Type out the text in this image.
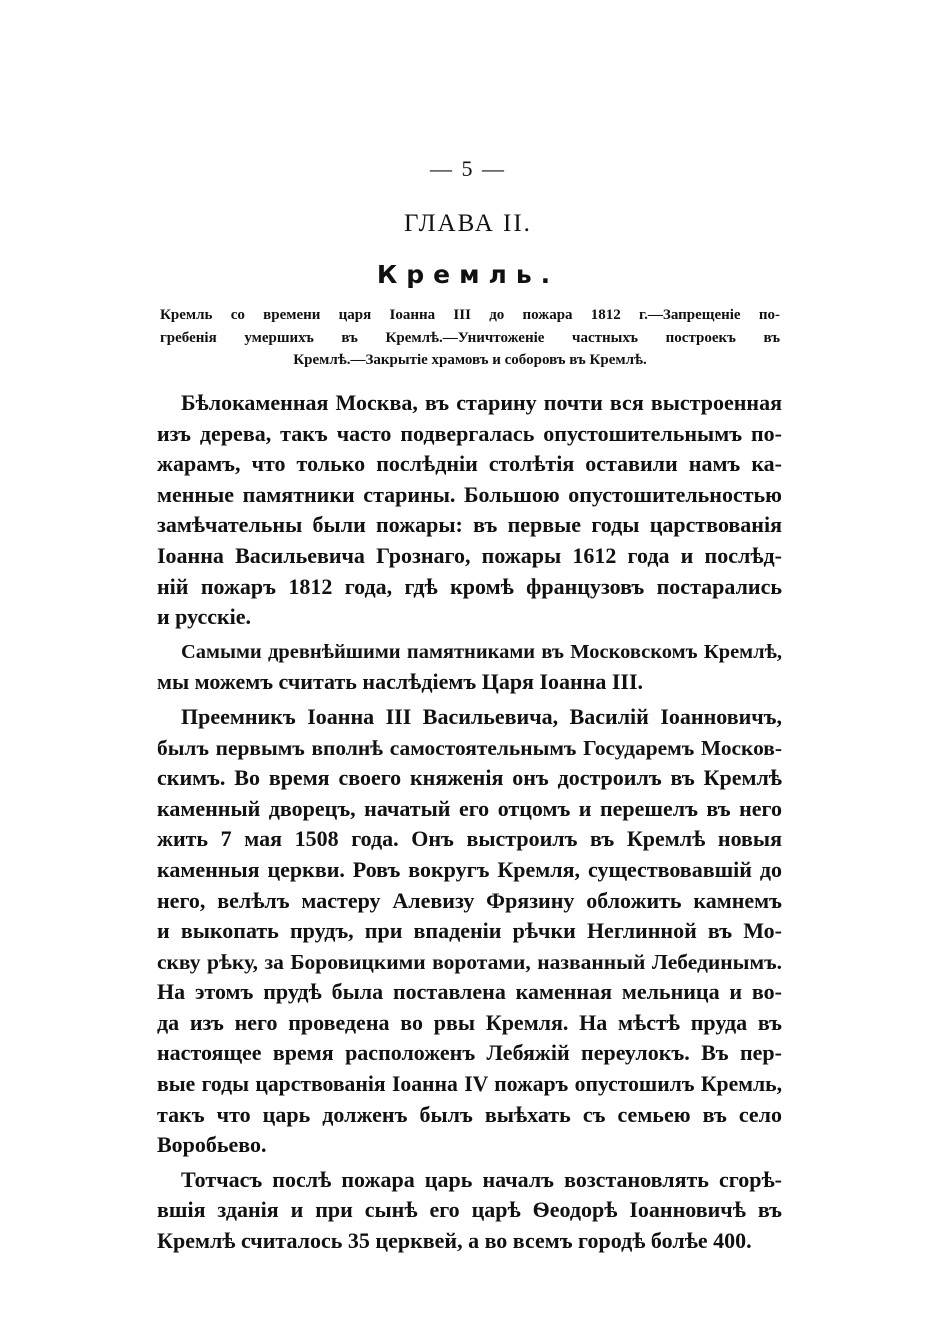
— 5 —
ГЛАВА II.
Кремль.
Кремль со времени царя Іоанна III до пожара 1812 г.—Запрещеніе по-
гребенія умершихъ въ Кремлѣ.—Уничтоженіе частныхъ построекъ въ
Кремлѣ.—Закрытіе храмовъ и соборовъ въ Кремлѣ.
Бѣлокаменная Москва, въ старину почти вся выстроенная
изъ дерева, такъ часто подвергалась опустошительнымъ по-
жарамъ, что только послѣдніи столѣтія оставили намъ ка-
менные памятники старины. Большою опустошительностью
замѣчательны были пожары: въ первые годы царствованія
Іоанна Васильевича Грознаго, пожары 1612 года и послѣд-
ній пожаръ 1812 года, гдѣ кромѣ французовъ постарались
и русскіе.
Самыми древнѣйшими памятниками въ Московскомъ Кремлѣ,
мы можемъ считать наслѣдіемъ Царя Іоанна III.
Преемникъ Іоанна III Васильевича, Василій Іоанновичъ,
былъ первымъ вполнѣ самостоятельнымъ Государемъ Москов-
скимъ. Во время своего княженія онъ достроилъ въ Кремлѣ
каменный дворецъ, начатый его отцомъ и перешелъ въ него
жить 7 мая 1508 года. Онъ выстроилъ въ Кремлѣ новыя
каменныя церкви. Ровъ вокругъ Кремля, существовавшій до
него, велѣлъ мастеру Алевизу Фрязину обложить камнемъ
и выкопать прудъ, при впаденіи рѣчки Неглинной въ Мо-
скву рѣку, за Боровицкими воротами, названный Лебединымъ.
На этомъ прудѣ была поставлена каменная мельница и во-
да изъ него проведена во рвы Кремля. На мѣстѣ пруда въ
настоящее время расположенъ Лебяжій переулокъ. Въ пер-
вые годы царствованія Іоанна IV пожаръ опустошилъ Кремль,
такъ что царь долженъ былъ выѣхать съ семьею въ село
Воробьево.
Тотчасъ послѣ пожара царь началъ возстановлять сгорѣ-
вшія зданія и при сынѣ его царѣ Ѳеодорѣ Іоанновичѣ въ
Кремлѣ считалось 35 церквей, а во всемъ городѣ болѣе 400.
